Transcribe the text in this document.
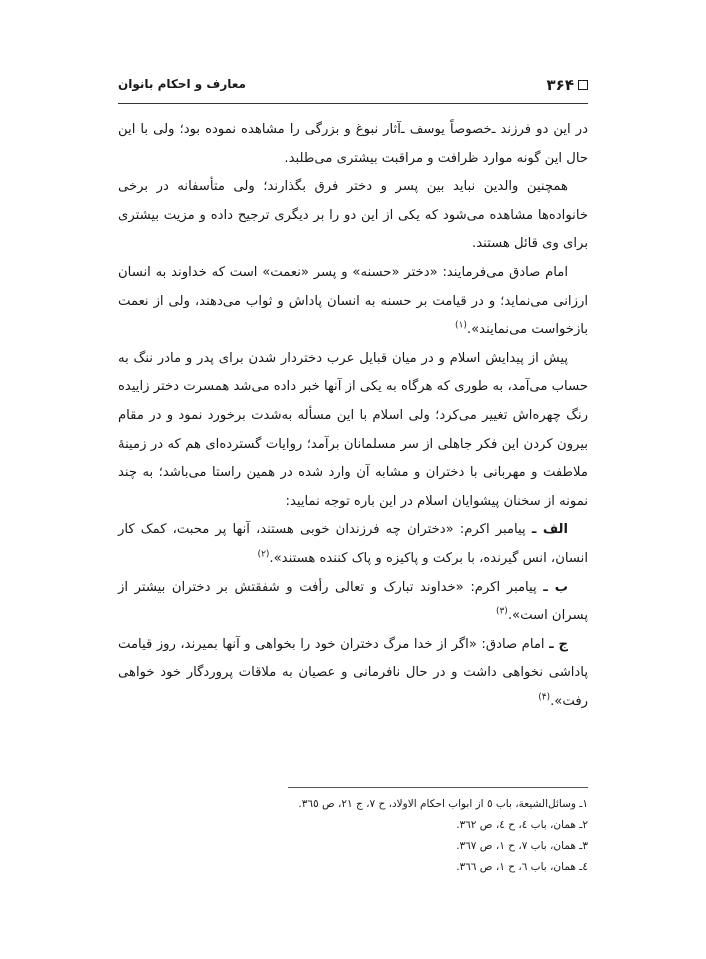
۳۶۴
معارف و احکام بانوان

در این دو فرزند ـ‌خصوصاً یوسف ـ‌آثار نبوغ و بزرگی را مشاهده نموده بود؛ ولی با این حال این گونه موارد ظرافت و مراقبت بیشتری می‌طلبد.

همچنین والدین نباید بین پسر و دختر فرق بگذارند؛ ولی متأسفانه در برخی خانواده‌ها مشاهده می‌شود که یکی از این دو را بر دیگری ترجیح داده و مزیت بیشتری برای وی قائل هستند.

امام صادق‌ می‌فرمایند: «دختر «حسنه» و پسر «نعمت» است که خداوند به انسان ارزانی می‌نماید؛ و در قیامت بر حسنه به انسان پاداش و ثواب می‌دهند، ولی از نعمت بازخواست می‌نمایند».$^{(۱)}$

پیش از پیدایش اسلام و در میان قبایل عرب دختردار شدن برای پدر و مادر ننگ به حساب می‌آمد، به طوری که هرگاه به یکی از آنها خبر داده می‌شد همسرت دختر زاییده رنگ چهره‌اش تغییر می‌کرد؛ ولی اسلام با این مسأله به‌شدت برخورد نمود و در مقام بیرون کردن این فکر جاهلی از سر مسلمانان برآمد؛ روایات گسترده‌ای هم که در زمینهٔ ملاطفت و مهربانی با دختران و مشابه آن وارد شده در همین راستا می‌باشد؛ به چند نمونه از سخنان پیشوایان اسلام در این باره توجه نمایید:

الف ـ پیامبر اکرم‌: «دختران چه فرزندان خوبی هستند، آنها پر محبت، کمک کار انسان، انس گیرنده، با برکت و پاکیزه و پاک کننده هستند».$^{(۲)}$

ب ـ پیامبر اکرم‌: «خداوند تبارک و تعالی رأفت و شفقتش بر دختران بیشتر از پسران است».$^{(۳)}$

ج ـ امام صادق‌: «اگر از خدا مرگ دختران خود را بخواهی و آنها بمیرند، روز قیامت پاداشی نخواهی داشت و در حال نافرمانی و عصیان به ملاقات پروردگار خود خواهی رفت».$^{(۴)}$

۱ـ وسائل‌الشیعة، باب ٥ از ابواب احکام الاولاد، ح ٧، ج ٢١، ص ٣٦٥.
۲ـ همان، باب ٤، ح ٤، ص ٣٦٢.
۳ـ همان، باب ٧، ح ١، ص ٣٦٧.
٤ـ همان، باب ٦، ح ١، ص ٣٦٦.
